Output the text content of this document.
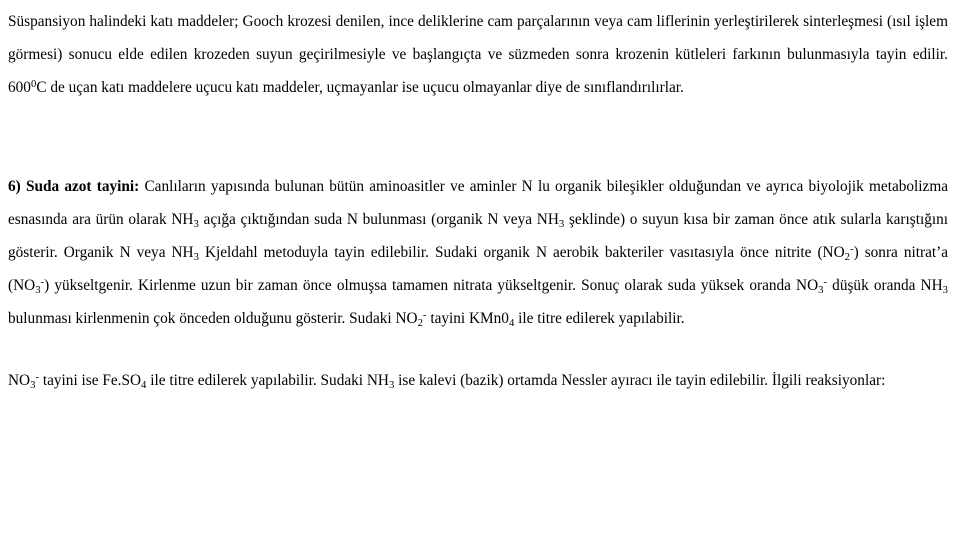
Süspansiyon halindeki katı maddeler; Gooch krozesi denilen, ince deliklerine cam parçalarının veya cam liflerinin yerleştirilerek sinterleşmesi (ısıl işlem görmesi) sonucu elde edilen krozeden suyun geçirilmesiyle ve başlangıçta ve süzmeden sonra krozenin kütleleri farkının bulunmasıyla tayin edilir. $600^0C$ de uçan katı maddelere uçucu katı maddeler, uçmayanlar ise uçucu olmayanlar diye de sınıflandırılırlar.

6) Suda azot tayini: Canlıların yapısında bulunan bütün aminoasitler ve aminler N lu organik bileşikler olduğundan ve ayrıca biyolojik metabolizma esnasında ara ürün olarak $NH_3$ açığa çıktığından suda N bulunması (organik N veya $NH_3$ şeklinde) o suyun kısa bir zaman önce atık sularla karıştığını gösterir. Organik N veya $NH_3$ Kjeldahl metoduyla tayin edilebilir. Sudaki organik N aerobik bakteriler vasıtasıyla önce nitrite $(NO_2^-)$ sonra nitrat’a $(NO_3^-)$ yükseltgenir. Kirlenme uzun bir zaman önce olmuşsa tamamen nitrata yükseltgenir. Sonuç olarak suda yüksek oranda $NO_3^-$ düşük oranda $NH_3$ bulunması kirlenmenin çok önceden olduğunu gösterir. Sudaki $NO_2^-$ tayini $KMn0_4$ ile titre edilerek yapılabilir.

$NO_3^-$ tayini ise $Fe.SO_4$ ile titre edilerek yapılabilir. Sudaki $NH_3$ ise kalevi (bazik) ortamda Nessler ayıracı ile tayin edilebilir. İlgili reaksiyonlar:
